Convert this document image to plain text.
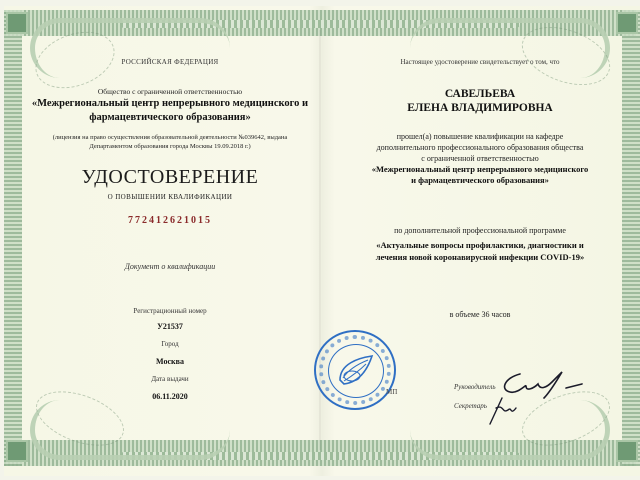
РОССИЙСКАЯ ФЕДЕРАЦИЯ
Общество с ограниченной ответственностью
«Межрегиональный центр непрерывного медицинского и
фармацевтического образования»
(лицензия на право осуществления образовательной деятельности №039642, выдана
Департаментом образования города Москвы 19.09.2018 г.)
УДОСТОВЕРЕНИЕ
О ПОВЫШЕНИИ КВАЛИФИКАЦИИ
772412621015
Документ о квалификации
Регистрационный номер
У21537
Город
Москва
Дата выдачи
06.11.2020
Настоящее удостоверение свидетельствует о том, что
САВЕЛЬЕВА
ЕЛЕНА ВЛАДИМИРОВНА
прошел(а) повышение квалификации на кафедре
дополнительного профессионального образования общества
с ограниченной ответственностью
«Межрегиональный центр непрерывного медицинского
и фармацевтического образования»
по дополнительной профессиональной программе
«Актуальные вопросы профилактики, диагностики и
лечения новой коронавирусной инфекции COVID-19»
в объеме 36 часов
Руководитель
Секретарь
МП
